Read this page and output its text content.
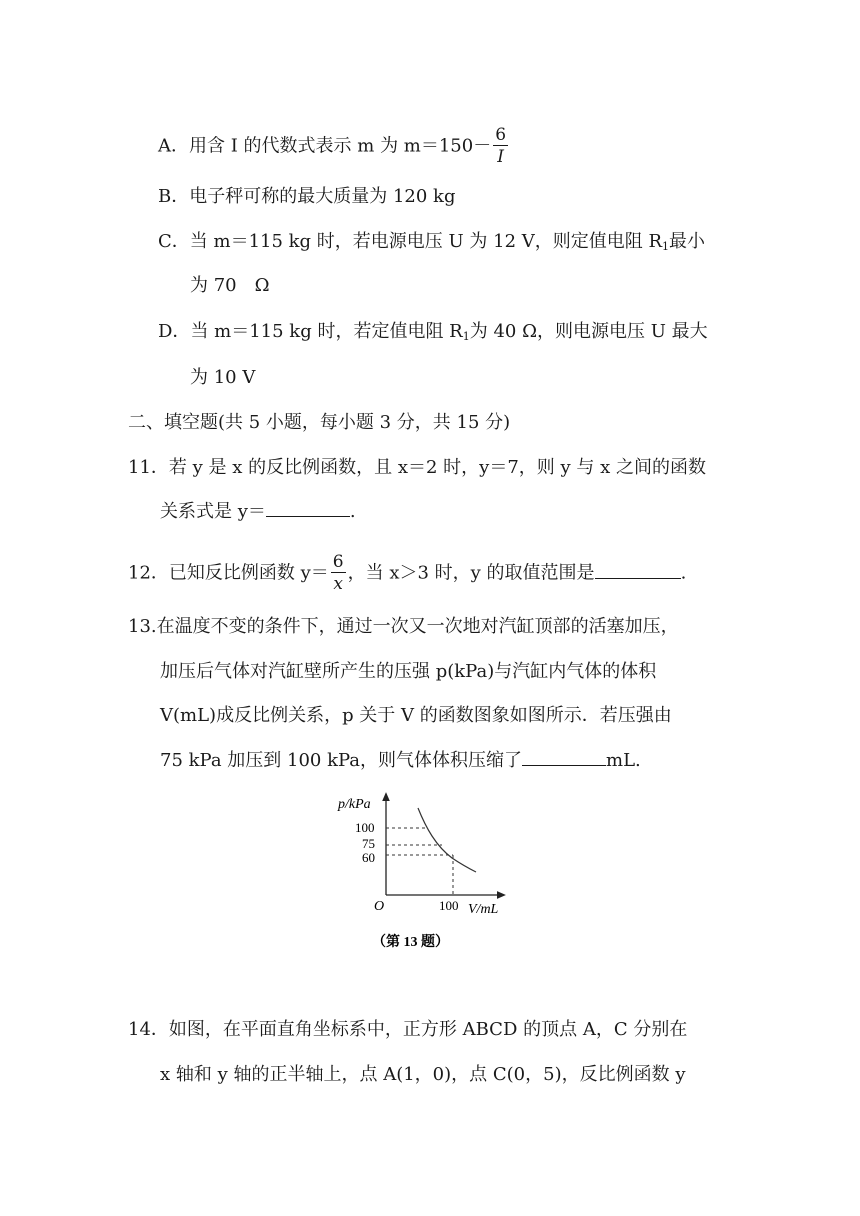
A．用含 I 的代数式表示 m 为 $m=150- \frac{6}{I}$
B．电子秤可称的最大质量为 120 kg
C．当 m＝115 kg 时，若电源电压 U 为 12 V，则定值电阻 $R_1$最小
为 70　Ω
D．当 m＝115 kg 时，若定值电阻 $R_1$为 40 Ω，则电源电压 U 最大
为 10 V
二、填空题(共 5 小题，每小题 3 分，共 15 分)
11．若 y 是 x 的反比例函数，且 x＝2 时，y＝7，则 y 与 x 之间的函数
关系式是 y＝	.
12．已知反比例函数 $y= \frac{6}{x}$ ，当 x＞3 时，y 的取值范围是	.
13.在温度不变的条件下，通过一次又一次地对汽缸顶部的活塞加压，
加压后气体对汽缸壁所产生的压强 p(kPa)与汽缸内气体的体积
V(mL)成反比例关系，p 关于 V 的函数图象如图所示．若压强由
75 kPa 加压到 100 kPa，则气体体积压缩了	mL.
p/kPa
100
75
60
O	100 V/mL
（第 13 题）
14．如图，在平面直角坐标系中，正方形 ABCD 的顶点 A，C 分别在
x 轴和 y 轴的正半轴上，点 A(1，0)，点 C(0，5)，反比例函数 y
